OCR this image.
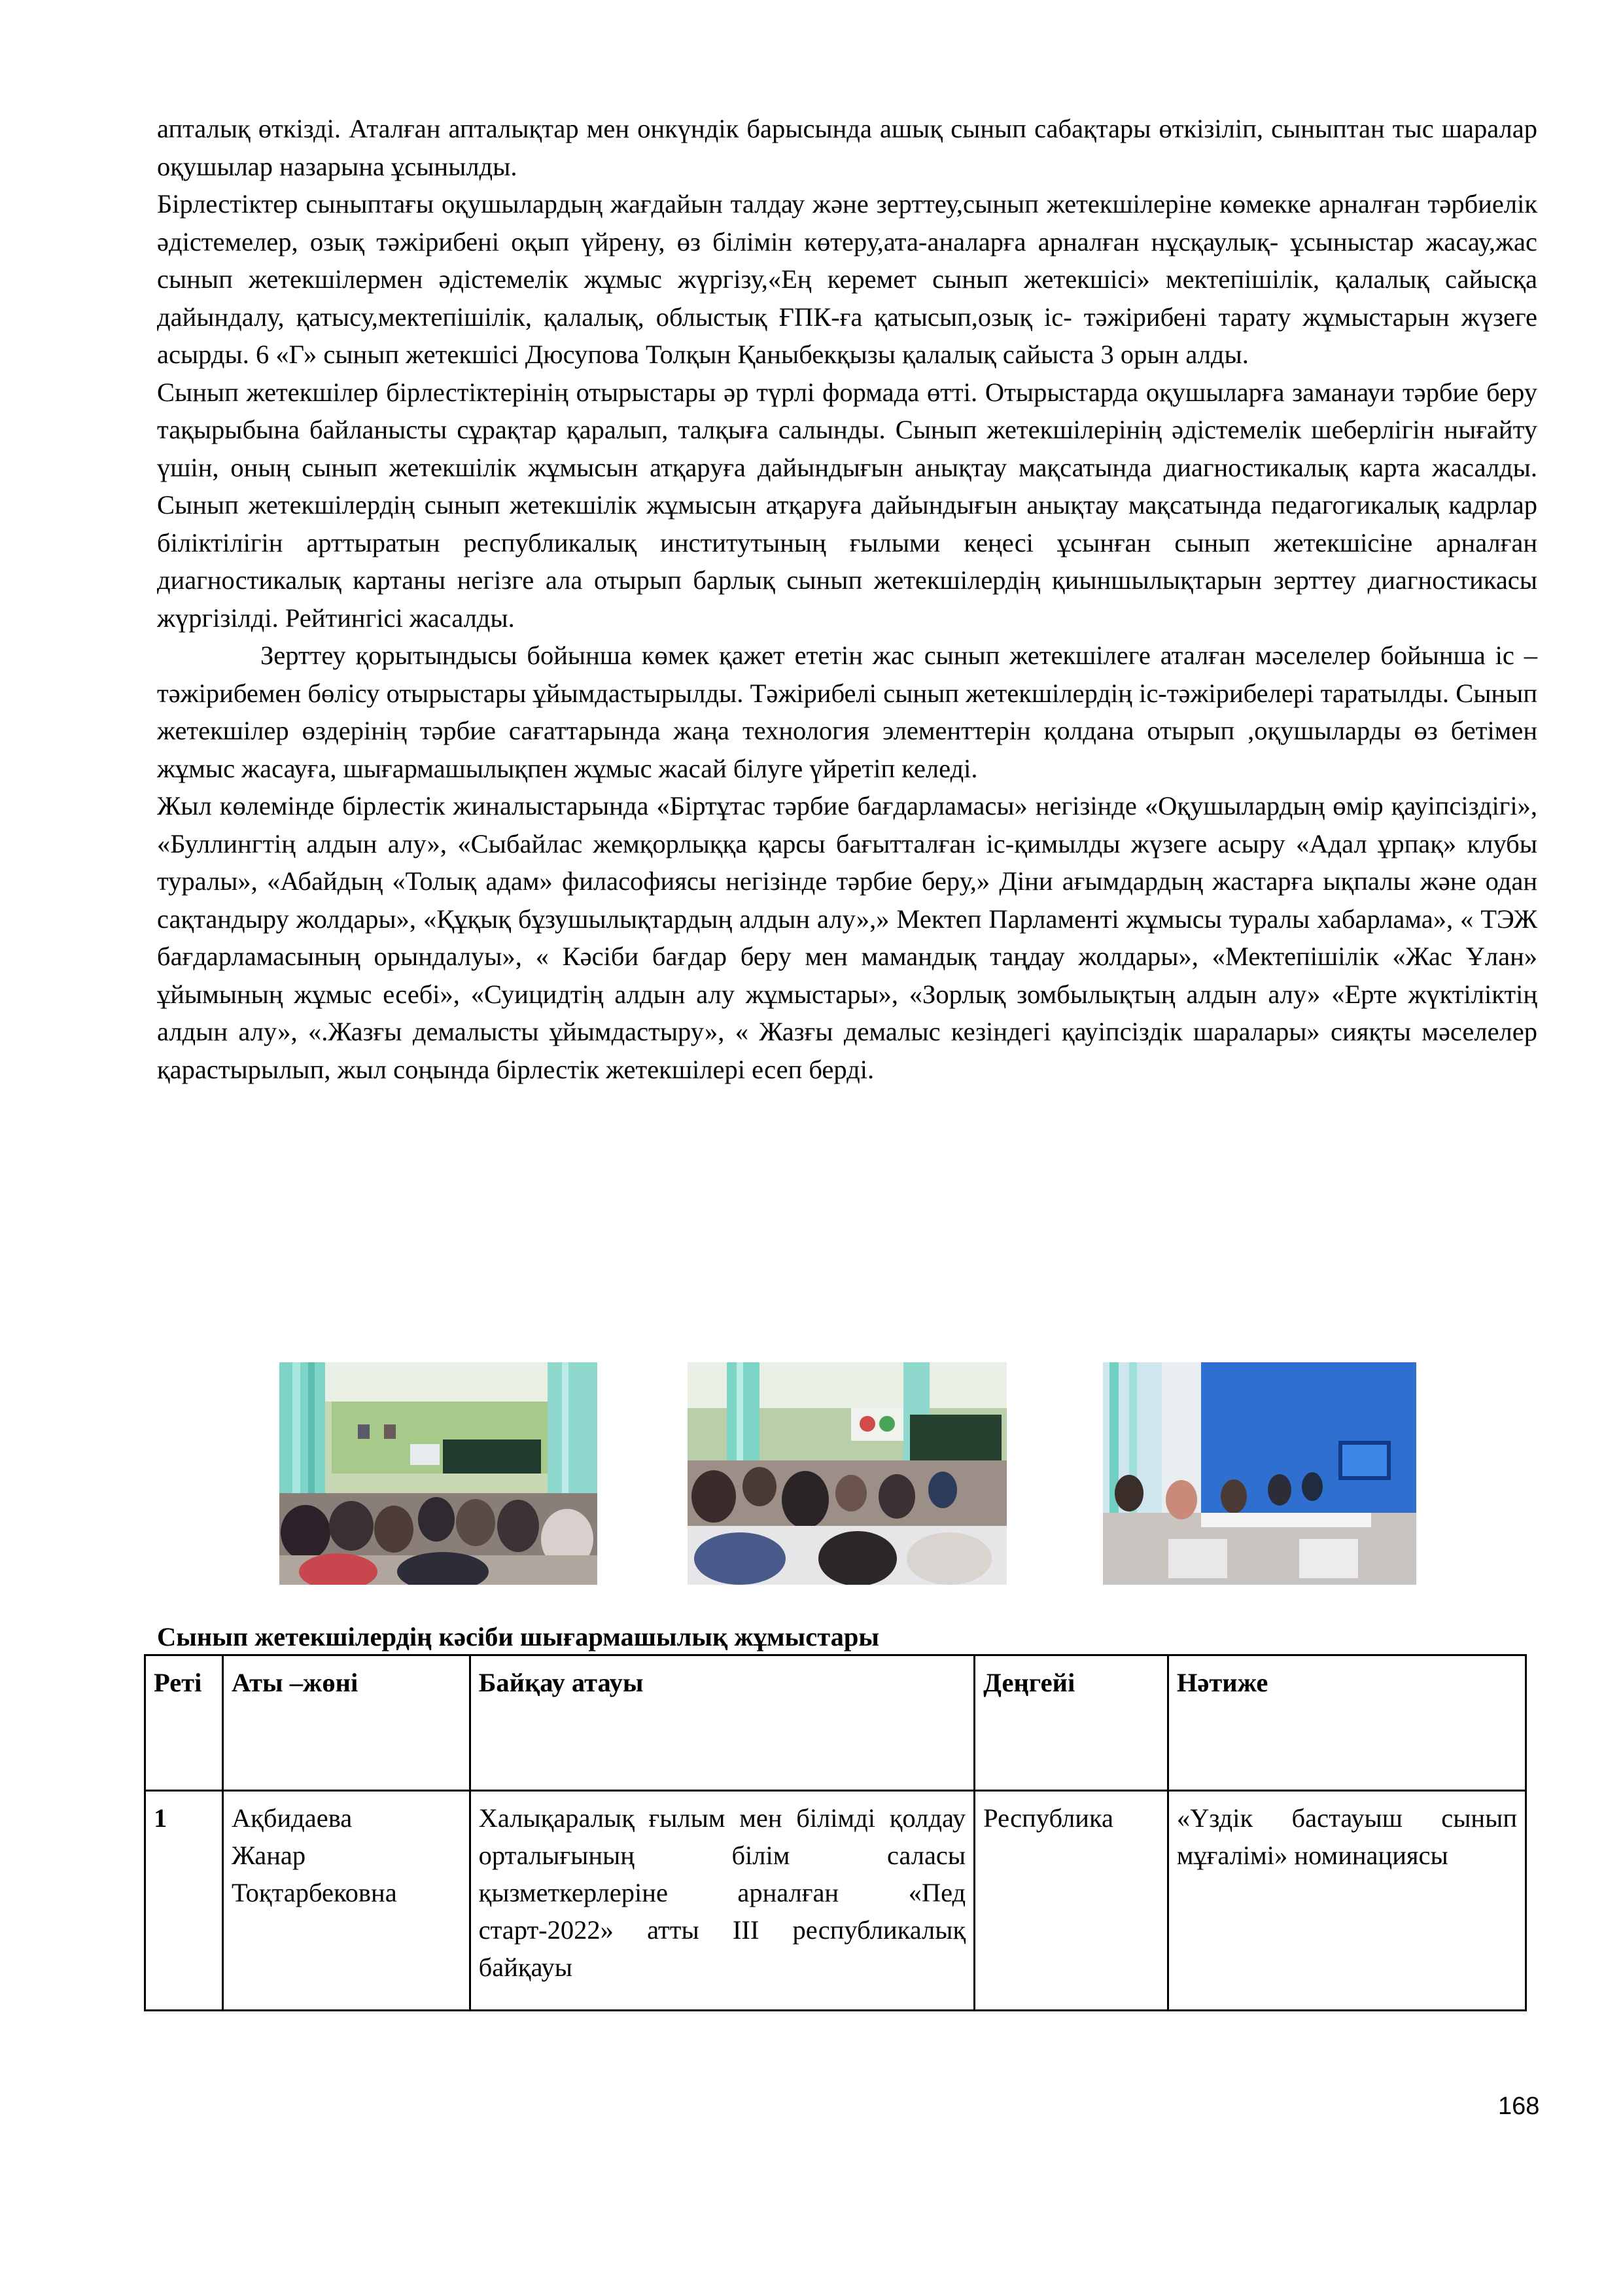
апталық өткізді. Аталған апталықтар мен онкүндік барысында ашық сынып сабақтары өткізіліп, сыныптан тыс шаралар оқушылар назарына ұсынылды.

Бірлестіктер сыныптағы оқушылардың жағдайын талдау және зерттеу,сынып жетекшілеріне көмекке арналған тәрбиелік әдістемелер, озық тәжірибені оқып үйрену, өз білімін көтеру,ата-аналарға арналған нұсқаулық- ұсыныстар жасау,жас сынып жетекшілермен әдістемелік жұмыс жүргізу,«Ең керемет сынып жетекшісі» мектепішілік, қалалық сайысқа дайындалу, қатысу,мектепішілік, қалалық, облыстық ҒПК-ға қатысып,озық іс- тәжірибені тарату жұмыстарын жүзеге асырды. 6 «Г» сынып жетекшісі Дюсупова Толқын Қаныбекқызы қалалық сайыста 3 орын алды.

Сынып жетекшілер бірлестіктерінің отырыстары әр түрлі формада өтті. Отырыстарда оқушыларға заманауи тәрбие беру тақырыбына байланысты сұрақтар қаралып, талқыға салынды. Сынып жетекшілерінің әдістемелік шеберлігін нығайту үшін, оның сынып жетекшілік жұмысын атқаруға дайындығын анықтау мақсатында диагностикалық карта жасалды. Сынып жетекшілердің сынып жетекшілік жұмысын атқаруға дайындығын анықтау мақсатында педагогикалық кадрлар біліктілігін арттыратын республикалық институтының ғылыми кеңесі ұсынған сынып жетекшісіне арналған диагностикалық картаны негізге ала отырып барлық сынып жетекшілердің қиыншылықтарын зерттеу диагностикасы жүргізілді. Рейтингісі жасалды.

Зерттеу қорытындысы бойынша көмек қажет ететін жас сынып жетекшілеге аталған мәселелер бойынша іс –тәжірибемен бөлісу отырыстары ұйымдастырылды. Тәжірибелі сынып жетекшілердің іс-тәжірибелері таратылды. Сынып жетекшілер өздерінің тәрбие сағаттарында жаңа технология элементтерін қолдана отырып ,оқушыларды өз бетімен жұмыс жасауға, шығармашылықпен жұмыс жасай білуге үйретіп келеді.

Жыл көлемінде бірлестік жиналыстарында «Біртұтас тәрбие бағдарламасы» негізінде «Оқушылардың өмір қауіпсіздігі», «Буллингтің алдын алу», «Сыбайлас жемқорлыққа қарсы бағытталған іс-қимылды жүзеге асыру «Адал ұрпақ» клубы туралы», «Абайдың «Толық адам» филасофиясы негізінде тәрбие беру,» Діни ағымдардың жастарға ықпалы және одан сақтандыру жолдары», «Құқық бұзушылықтардың алдын алу»,» Мектеп Парламенті жұмысы туралы хабарлама», « ТЭЖ бағдарламасының орындалуы», « Кәсіби бағдар беру мен мамандық таңдау жолдары», «Мектепішілік «Жас Ұлан» ұйымының жұмыс есебі», «Суицидтің алдын алу жұмыстары», «Зорлық зомбылықтың алдын алу» «Ерте жүктіліктің алдын алу», «.Жазғы демалысты ұйымдастыру», « Жазғы демалыс кезіндегі қауіпсіздік шаралары» сияқты мәселелер қарастырылып, жыл соңында бірлестік жетекшілері есеп берді.

Сынып жетекшілердің кәсіби шығармашылық жұмыстары
Реті	Аты –жөні	Байқау атауы	Деңгейі	Нәтиже
1	Ақбидаева
Жанар
Тоқтарбековна	Халықаралық ғылым мен білімді қолдау орталығының білім саласы қызметкерлеріне арналған «Пед старт-2022» атты III республикалық байқауы	Республика	«Үздік бастауыш сынып мұғалімі» номинациясы
168
